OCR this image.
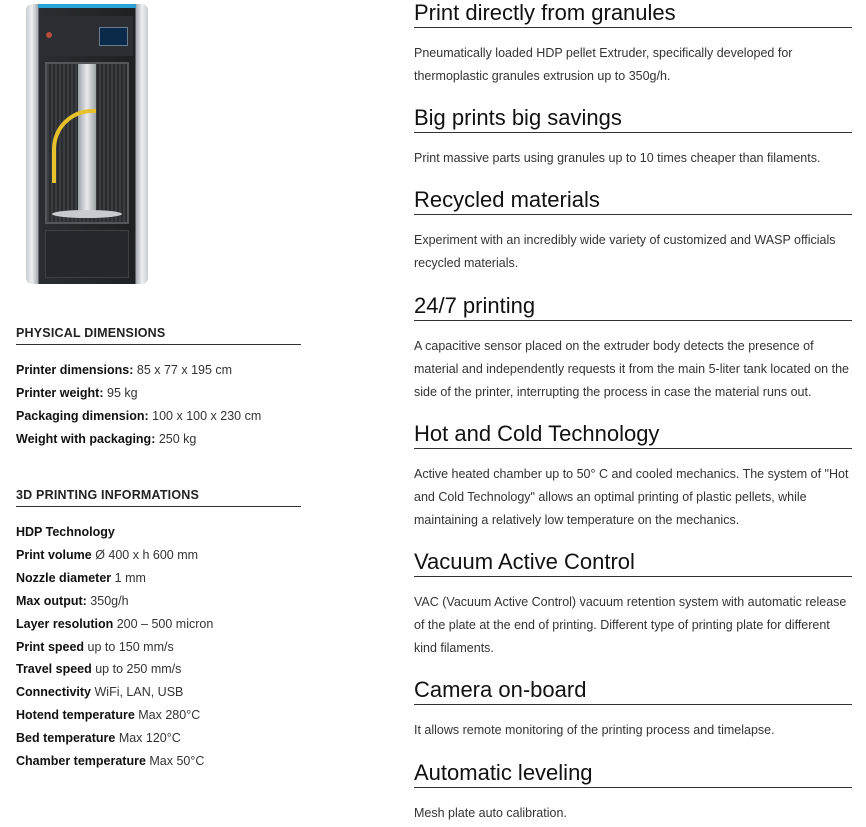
PHYSICAL DIMENSIONS
Printer dimensions: 85 x 77 x 195 cm
Printer weight: 95 kg
Packaging dimension: 100 x 100 x 230 cm
Weight with packaging: 250 kg
3D PRINTING INFORMATIONS
HDP Technology
Print volume Ø 400 x h 600 mm
Nozzle diameter 1 mm
Max output: 350g/h
Layer resolution 200 – 500 micron
Print speed up to 150 mm/s
Travel speed up to 250 mm/s
Connectivity WiFi, LAN, USB
Hotend temperature Max 280°C
Bed temperature Max 120°C
Chamber temperature Max 50°C
Print directly from granules

Pneumatically loaded HDP pellet Extruder, specifically developed for thermoplastic granules extrusion up to 350g/h.

Big prints big savings

Print massive parts using granules up to 10 times cheaper than filaments.

Recycled materials

Experiment with an incredibly wide variety of customized and WASP officials recycled materials.

24/7 printing

A capacitive sensor placed on the extruder body detects the presence of material and independently requests it from the main 5-liter tank located on the side of the printer, interrupting the process in case the material runs out.

Hot and Cold Technology

Active heated chamber up to 50° C and cooled mechanics. The system of "Hot and Cold Technology" allows an optimal printing of plastic pellets, while maintaining a relatively low temperature on the mechanics.

Vacuum Active Control

VAC (Vacuum Active Control) vacuum retention system with automatic release of the plate at the end of printing. Different type of printing plate for different kind filaments.

Camera on-board

It allows remote monitoring of the printing process and timelapse.

Automatic leveling

Mesh plate auto calibration.
